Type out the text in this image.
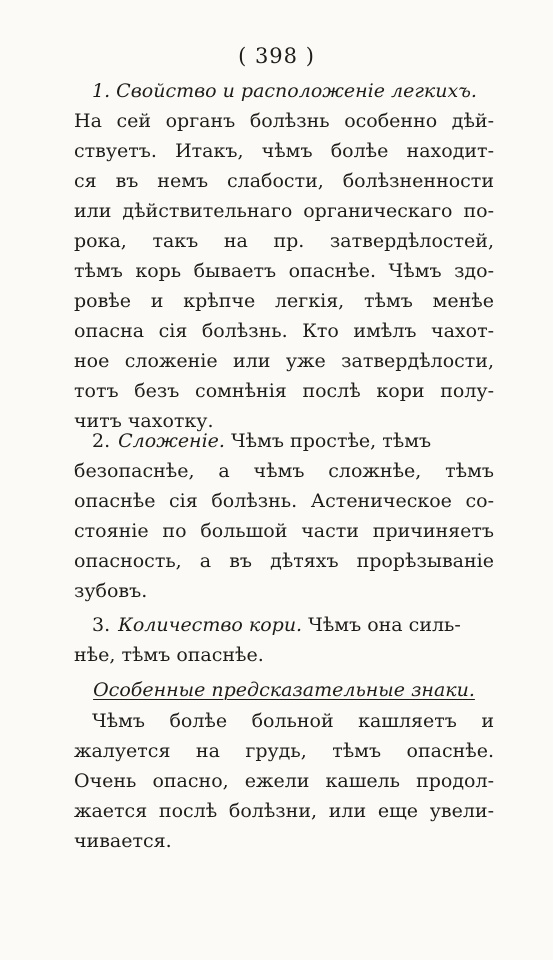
( 398 )
1. Свойство и расположеніе легкихъ.
На сей органъ болѣзнь особенно дѣй-
ствуетъ. Итакъ, чѣмъ болѣе находит-
ся въ немъ слабости, болѣзненности
или дѣйствительнаго органическаго по-
рока, такъ на пр. затвердѣлостей,
тѣмъ корь бываетъ опаснѣе. Чѣмъ здо-
ровѣе и крѣпче легкія, тѣмъ менѣе
опасна сія болѣзнь. Кто имѣлъ чахот-
ное сложеніе или уже затвердѣлости,
тотъ безъ сомнѣнія послѣ кори полу-
читъ чахотку.
2. Сложеніе. Чѣмъ простѣе, тѣмъ
безопаснѣе, а чѣмъ сложнѣе, тѣмъ
опаснѣе сія болѣзнь. Астеническое со-
стояніе по большой части причиняетъ
опасность, а въ дѣтяхъ прорѣзываніе
зубовъ.
3. Количество кори. Чѣмъ она силь-
нѣе, тѣмъ опаснѣе.
Особенные предсказательные знаки.
Чѣмъ болѣе больной кашляетъ и
жалуется на грудь, тѣмъ опаснѣе.
Очень опасно, ежели кашель продол-
жается послѣ болѣзни, или еще увели-
чивается.
